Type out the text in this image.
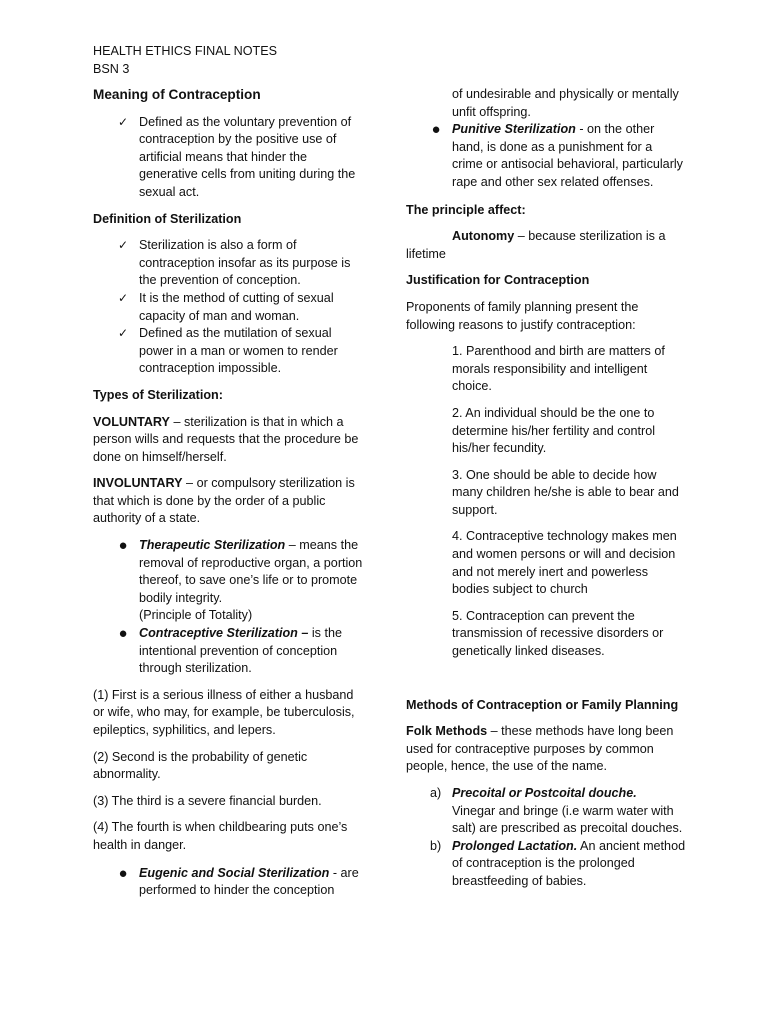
HEALTH ETHICS FINAL NOTES
BSN 3
Meaning of Contraception
✓ Defined as the voluntary prevention of contraception by the positive use of artificial means that hinder the generative cells from uniting during the sexual act.
Definition of Sterilization
✓ Sterilization is also a form of contraception insofar as its purpose is the prevention of conception.
✓ It is the method of cutting of sexual capacity of man and woman.
✓ Defined as the mutilation of sexual power in a man or women to render contraception impossible.
Types of Sterilization:

VOLUNTARY – sterilization is that in which a person wills and requests that the procedure be done on himself/herself.

INVOLUNTARY – or compulsory sterilization is that which is done by the order of a public authority of a state.

● Therapeutic Sterilization – means the removal of reproductive organ, a portion thereof, to save one’s life or to promote bodily integrity.
(Principle of Totality)
● Contraceptive Sterilization – is the intentional prevention of conception through sterilization.

(1) First is a serious illness of either a husband or wife, who may, for example, be tuberculosis, epileptics, syphilitics, and lepers.

(2) Second is the probability of genetic abnormality.

(3) The third is a severe financial burden.

(4) The fourth is when childbearing puts one’s health in danger.

● Eugenic and Social Sterilization - are performed to hinder the conception
of undesirable and physically or mentally unfit offspring.
● Punitive Sterilization - on the other hand, is done as a punishment for a crime or antisocial behavioral, particularly rape and other sex related offenses.
The principle affect:

Autonomy – because sterilization is a
lifetime

Justification for Contraception

Proponents of family planning present the following reasons to justify contraception:

1. Parenthood and birth are matters of morals responsibility and intelligent choice.

2. An individual should be the one to determine his/her fertility and control his/her fecundity.

3. One should be able to decide how many children he/she is able to bear and support.

4. Contraceptive technology makes men and women persons or will and decision and not merely inert and powerless bodies subject to church

5. Contraception can prevent the transmission of recessive disorders or genetically linked diseases.

Methods of Contraception or Family Planning

Folk Methods – these methods have long been used for contraceptive purposes by common people, hence, the use of the name.

a) Precoital or Postcoital douche.
Vinegar and bringe (i.e warm water with salt) are prescribed as precoital douches.
b) Prolonged Lactation. An ancient method of contraception is the prolonged breastfeeding of babies.
